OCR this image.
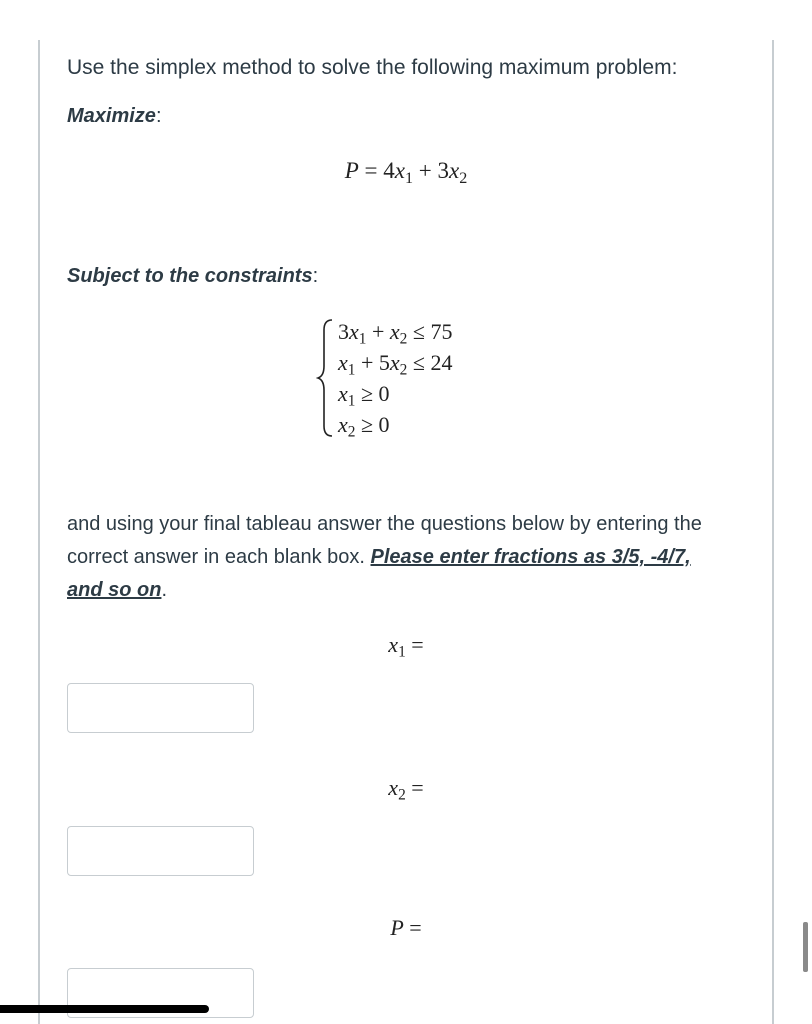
Use the simplex method to solve the following maximum problem:
Maximize:
$P = 4x_1 + 3x_2$
Subject to the constraints:
$3x_1 + x_2 \le 75$
$x_1 + 5x_2 \le 24$
$x_1 \ge 0$
$x_2 \ge 0$
and using your final tableau answer the questions below by entering the correct answer in each blank box. Please enter fractions as 3/5, -4/7, and so on.
$x_1$ =
$x_2$ =
P =
